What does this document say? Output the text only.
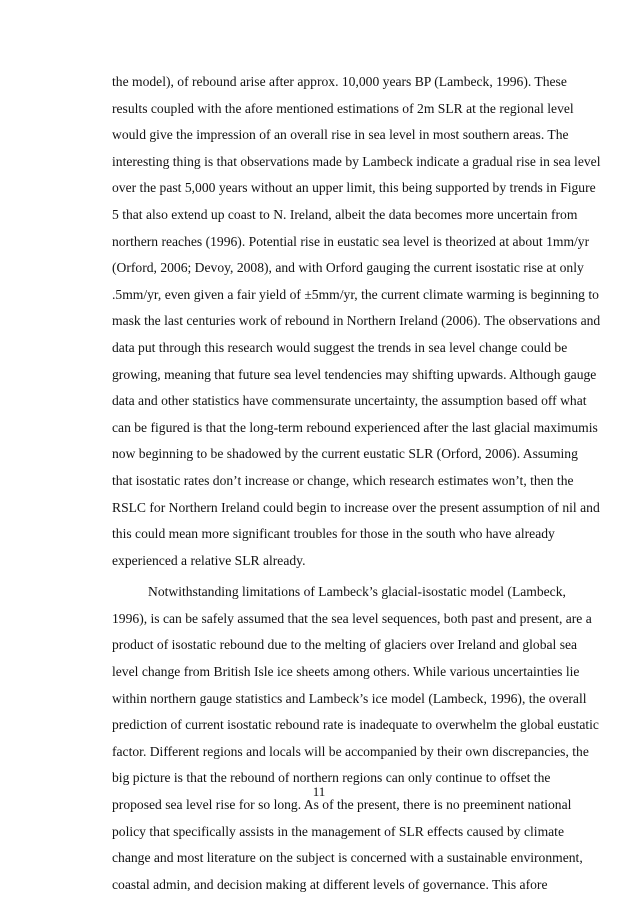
the model), of rebound arise after approx. 10,000 years BP (Lambeck, 1996). These
results coupled with the afore mentioned estimations of 2m SLR at the regional level
would give the impression of an overall rise in sea level in most southern areas. The
interesting thing is that observations made by Lambeck indicate a gradual rise in sea level
over the past 5,000 years without an upper limit, this being supported by trends in Figure
5 that also extend up coast to N. Ireland, albeit the data becomes more uncertain from
northern reaches (1996). Potential rise in eustatic sea level is theorized at about 1mm/yr
(Orford, 2006; Devoy, 2008), and with Orford gauging the current isostatic rise at only
.5mm/yr, even given a fair yield of ±5mm/yr, the current climate warming is beginning to
mask the last centuries work of rebound in Northern Ireland (2006). The observations and
data put through this research would suggest the trends in sea level change could be
growing, meaning that future sea level tendencies may shifting upwards. Although gauge
data and other statistics have commensurate uncertainty, the assumption based off what
can be figured is that the long-term rebound experienced after the last glacial maximumis
now beginning to be shadowed by the current eustatic SLR (Orford, 2006). Assuming
that isostatic rates don’t increase or change, which research estimates won’t, then the
RSLC for Northern Ireland could begin to increase over the present assumption of nil and
this could mean more significant troubles for those in the south who have already
experienced a relative SLR already.
Notwithstanding limitations of Lambeck’s glacial-isostatic model (Lambeck,
1996), is can be safely assumed that the sea level sequences, both past and present, are a
product of isostatic rebound due to the melting of glaciers over Ireland and global sea
level change from British Isle ice sheets among others. While various uncertainties lie
within northern gauge statistics and Lambeck’s ice model (Lambeck, 1996), the overall
prediction of current isostatic rebound rate is inadequate to overwhelm the global eustatic
factor. Different regions and locals will be accompanied by their own discrepancies, the
big picture is that the rebound of northern regions can only continue to offset the
proposed sea level rise for so long. As of the present, there is no preeminent national
policy that specifically assists in the management of SLR effects caused by climate
change and most literature on the subject is concerned with a sustainable environment,
coastal admin, and decision making at different levels of governance. This afore
11
